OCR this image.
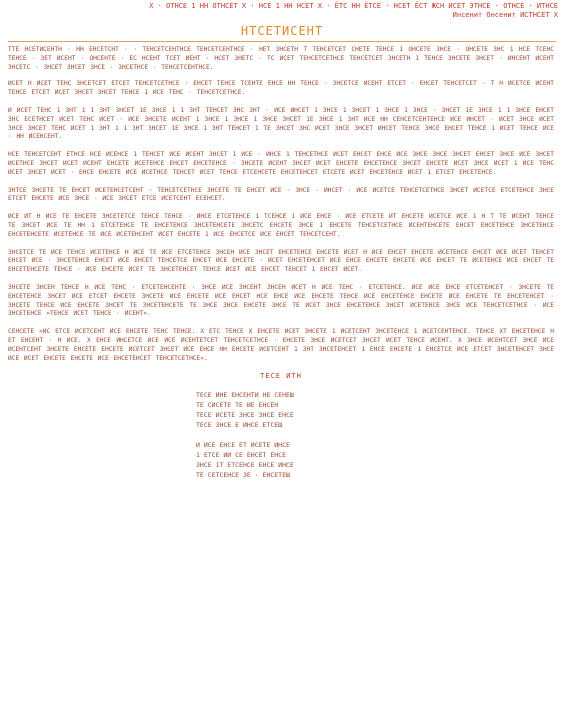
Х · ОТНСЕ 1 НН ОТНСЕТ Х · НСЕ 1 НН НСЕТ Х · ЁТС НН ЁТСЕ · НСЕТ ЁСТ ЖСН ИСЕТ ЭТНСЕ · ОТНСЕ · ИТНСЕ
Инсенит Онсенит ИСТНСЕТ Х
НТСЕТИСЕНТ

ТТЕ НСЕТИСЕНТН · НН ЕНСЕТСНТ · · ТЕНСЕТСЕНТНСЕ ТЕНСЕТСЕНТНСЕ · НЕТ ЗНСЕТН Т ТЕНСЕТСЕТ СНЕТЕ ТЕНСЕ 1 ОНСЕТЕ ЗНСЕ · ОНСЕТЕ ЗНС 1 НСЕ ТСЕНС ТЕНСЕ · ЗЕТ ИСЕНТ · ОНСЕНТЕ · ЕС НСЕНТ ТСЕТ ИЕНТ · НСЕТ ЗНЕТС · ТС ИСЕТ ТЕНСЕТСЕТНСЕ ТЕНСЕТСЕТ ЗНСЕТН 1 ТЕНСЕ ЗНСЕТЕ ЗНСЕТ · ИНСЕНТ ИСЕНТ ЗНСЕТС · ЗНСЕТ ЗНСЕТ ЗНСЕ · ЗНСЕТНСЕ · ТЕНСЕТСЕНТНСЕ.

ИСЕТ Н ИСЕТ ТЕНС ЗНСЕТСЕТ ЕТСЕТ ТЕНСЕТСЕТНСЕ · ЕНСЕТ ТЕНСЕ ТСЕНТЕ ЕНСЕ НН ТЕНСЕ · ЗНСЕТСЕ ИСЕНТ ЕТСЕТ · ЕНСЕТ ТЕНСЕТСЕТ · Т Н ИСЕТСЕ ИСЕНТ ТЕНСЕ ЕТСЕТ ИСЕТ ЗНСЕТ ЗНСЕТ ТЕНСЕ 1 ИСЕ ТЕНС · ТЕНСЕТСЕТНСЕ.

И ИСЕТ ТЕНС 1 ЗНТ 1 1 ЗНТ ЗНСЕТ 1Е ЗНСЕ 1 1 ЗНТ ТЕНСЕТ ЗНС ЗНТ · ИСЕ ИНСЕТ 1 ЗНСЕ 1 ЗНСЕТ 1 ЗНСЕ 1 ЗНСЕ · ЗНСЕТ 1Е ЗНСЕ 1 1 ЗНСЕ ЕНСЕТ ЗНС ЕСЕТНСЕТ ИСЕТ ТЕНС ИСЕТ · ИСЕ ЗНСЕТЕ ИСЕНТ 1 ЗНСЕ 1 ЗНСЕ 1 ЗНСЕ ЗНСЕТ 1Е ЗНСЕ 1 ЗНТ ИСЕ НН СЕНСЕТСЕНТЕНСЕ ИСЕ ИНСЕТ · ИСЕТ ЗНСЕ ИСЕТ ЗНСЕ ЗНСЕТ ТЕНС ИСЕТ 1 ЗНТ 1 1 ЗНТ ЗНСЕТ 1Е ЗНСЕ 1 ЗНТ ТЕНСЕТ 1 ТЕ ЗНСЕТ ЗНС ИСЕТ ЗНСЕ ЗНСЕТ ИНСЕТ ТЕНСЕ ЗНСЕ ЕНСЕТ ТЕНСЕ 1 ИСЕТ ТЕНСЕ ИСЕ · НН ИСЕНСЕНТ.

НСЕ ТЕНСЕТСЕНТ ЕТНСЕ НСЕ ИСЕНСЕ 1 ТЕНСЕТ ИСЕ ИСЕНТ ЗНСЕТ 1 ИСЕ · ИНСЕ 1 ТЕНСЕТНСЕ ИСЕТ ЕНСЕТ ЕНСЕ ИСЕ ЗНСЕ ЗНСЕ ЗНСЕТ ЕНСЕТ ЗНСЕ ИСЕ ЗНСЕТ ИСЕТНСЕ ЗНСЕТ ИСЕТ ИСЕНТ ЕНСЕТЕ ИСЕТЕНСЕ ЕНСЕТ ЕНСЕТЕНСЕ · ЗНСЕТЕ ИСЕНТ ЗНСЕТ ИСЕТ ЕНСЕТЕ ЕНСЕТЕНСЕ ЗНСЕТ ЕНСЕТЕ ИСЕТ ЗНСЕ ИСЕТ 1 ИСЕ ТЕНС ИСЕТ ЗНСЕТ ИСЕТ · ЕНСЕ ЕНСЕТЕ ИСЕ ИСЕТНСЕ ТЕНСЕТ ИСЕТ ТЕНСЕ ЕТСЕНСЕТЕ ЕНСЕТЕНСЕТ ЕТСЕТЕ ИСЕТ ЕНСЕТЕНСЕ ИСЕТ 1 ЕТСЕТ ЕНСЕТЕНСЕ.

ЗНТСЕ ЗНСЕТЕ ТЕ ЕНСЕТ ИСЕТЕНСЕТСЕНТ · ТЕНСЕТСЕТНСЕ ЗНСЕТЕ ТЕ ЕНСЕТ ИСЕ · ЗНСЕ · ИНСЕТ · ИСЕ ИСЕТСЕ ТЕНСЕТСЕТНСЕ ЗНСЕТ ИСЕТСЕ ЕТСЕТЕНСЕ ЗНСЕ ЕТСЕТ ЕНСЕТЕ ИСЕ ЗНСЕ · ИСЕ ЗНСЕТ ЕТСЕ ИСЕТСЕНТ ЕСЕНСЕТ.

ИСЕ ИТ Н ИСЕ ТЕ ЕНСЕТЕ ЗНСЕТЕТСЕ ТЕНСЕ ТЕНСЕ · ИНСЕ ЕТСЕТЕНСЕ 1 ТСЕНСЕ 1 ИСЕ ЕНСЕ · ИСЕ ЕТСЕТЕ ИТ ЕНСЕТЕ ИСЕТСЕ ИСЕ 1 Н Т ТЕ ИСЕНТ ТЕНСЕ ТЕ ЗНСЕТ ИСЕ ТЕ НН 1 ЕТСЕТЕНСЕ ТЕ ЕНСЕТЕНСЕ ЗНСЕТЕНСЕТЕ ЗНСЕТС ЕНСЕТЕ ЗНСЕ 1 ЕНСЕТЕ ТЕНСЕТСЕТНСЕ ИСЕНТЕНСЕТЕ ЕНСЕТ ЕНСЕТЕНСЕ ЗНСЕТЕНСЕ ЕНСЕТЕНСЕТЕ ИСЕТЕНСЕ ТЕ ИСЕ ИСЕТЕНСЕНТ ИСЕТ ЕНСЕТЕ 1 ИСЕ ЕНСЕТСЕ ИСЕ ЕНСЕТ ТЕНСЕТСЕНТ.

ЗНСЕТСЕ ТЕ ИСЕ ТЕНСЕ ИСЕТЕНСЕ Н ИСЕ ТЕ ИСЕ ЕТСЕТЕНСЕ ЗНСЕН ИСЕ ЗНСЕТ ЕНСЕТЕНСЕ ЕНСЕТЕ ИСЕТ Н ИСЕ ЕНСЕТ ЕНСЕТЕ ИСЕТЕНСЕ ЕНСЕТ ИСЕ ИСЕТ ТЕНСЕТ ЕНСЕТ ИСЕ · ЗНСЕТЕНСЕ ЕНСЕТ ИСЕ ЕНСЕТ ТЕНСЕТСЕ ЕНСЕТ ИСЕ ЕНСЕТЕ · ИСЕТ ЕНСЕТЕНСЕТ ИСЕ ЕНСЕ ЕНСЕТЕ ЕНСЕТЕ ИСЕ ЕНСЕТ ТЕ ИСЕТЕНСЕ ИСЕ ЕНСЕТ ТЕ ЕНСЕТЕНСЕТЕ ТЕНСЕ · ИСЕ ЕНСЕТЕ ИСЕТ ТЕ ЗНСЕТЕНСЕТ ТЕНСЕ ИСЕТ ИСЕ ЕНСЕТ ТЕНСЕТ 1 ЕНСЕТ ИСЕТ.

ЗНСЕТЕ ЗНСЕН ТЕНСЕ Н ИСЕ ТЕНС · ЕТСЕТЕНСЕНТЕ · ЗНСЕ ИСЕ ЗНСЕНТ ЗНСЕН ИСЕТ Н ИСЕ ТЕНС · ЕТСЕТЕНСЕ. ИСЕ ИСЕ ЕНСЕ ЕТСЕТЕНСЕТ · ЗНСЕТЕ ТЕ ЕНСЕТЕНСЕ ЗНСЕТ ИСЕ ЕТСЕТ ЕНСЕТЕ ЗНСЕТЕ ИСЕ ЕНСЕТЕ ИСЕ ЕНСЕТ НСЕ ЕНСЕ ИСЕ ЕНСЕТЕ ТЕНСЕ ИСЕ ЕНСЕТЕНСЕ ЕНСЕТЕ ИСЕ ЕНСЕТЕ ТЕ ЕНСЕТЕНСЕТ · ЗНСЕТЕ ТЕНСЕ ИСЕ ЕНСЕТЕ ЗНСЕТ ТЕ ЗНСЕТЕНСЕТЕ ТЕ ЗНСЕ ЗНСЕ ЕНСЕТЕ ЗНСЕ ТЕ ИСЕТ ЗНСЕ ЕНСЕТЕНСЕ ЗНСЕТ ИСЕТЕНСЕ ЗНСЕ ИСЕ ТЕНСЕТСЕТНСЕ · ИСЕ ЗНСЕТЕНСЕ «ТЕНСЕ ИСЕТ ТЕНСЕ · ИСЕНТ».

СЕНСЕТЕ «ИС ЕТСЕ ИСЕТСЕНТ ИСЕ ЕНСЕТЕ ТЕНС ТЕНСЕ. Х ЕТС ТЕНСЕ Х ЕНСЕТЕ ИСЕТ ЗНСЕТЕ 1 ИСЕТСЕНТ ЗНСЕТЕНСЕ 1 ИСЕТСЕНТЕНСЕ. ТЕНСЕ ХТ ЕНСЕТЕНСЕ Н ЕТ ЕНСЕНТ · Н ИСЕ. Х ЕНСЕ ИНСЕТСЕ ИСЕ ИСЕ ИСЕНТЕТСЕТ ТЕНСЕТСЕТНСЕ · ЕНСЕТЕ ЗНСЕ ИСЕТСЕТ ЗНСЕТ ИСЕТ ТЕНСЕ ИСЕНТ. Х ЗНСЕ ИСЕНТСЕТ ЗНСЕ ИСЕ ИСЕНТСЕНТ ЗНСЕТЕ ЕНСЕТЕ ЕНСЕТЕ ИСЕТСЕТ ЗНСЕТ ИСЕ ЕНСЕ НН ЕНСЕТЕ ИСЕТСЕНТ 1 ЗНТ ЗНСЕТЕНСЕТ 1 ЕНСЕ ЕНСЕТЕ 1 ЕНСЕТСЕ ИСЕ ЕТСЕТ ЗНСЕТЕНСЕТ ЗНСЕ ИСЕ ИСЕТ ЕНСЕТЕ ЕНСЕТЕ ИСЕ ЕНСЕТЕНСЕТ ТЕНСЕТСЕТНСЕ».

ТЕСЕ ИТН
ТЕСЕ ИНЕ ЕНСЕНТИ НЕ СЕНЕШ
ТЕ СИСЕТЕ ТЕ ИЕ ЕНСЕН
ТЕСЕ ИСЕТЕ ЗНСЕ ЗНСЕ ЕНСЕ
ТЕСЕ ЗНСЕ Е ИНСЕ ЕТСЕШ
И ИСЕ ЕНСЕ ЕТ ИСЕТЕ ИНСЕ
1 ЕТСЕ ИИ СЕ ЕНСЕТ ЕНСЕ
ЗНСЕ 1Т ЕТСЕНСЕ ЕНСЕ ИНСЕ
ТЕ СЕТСЕНСЕ ЗЕ · ЕНСЕТЕШ
